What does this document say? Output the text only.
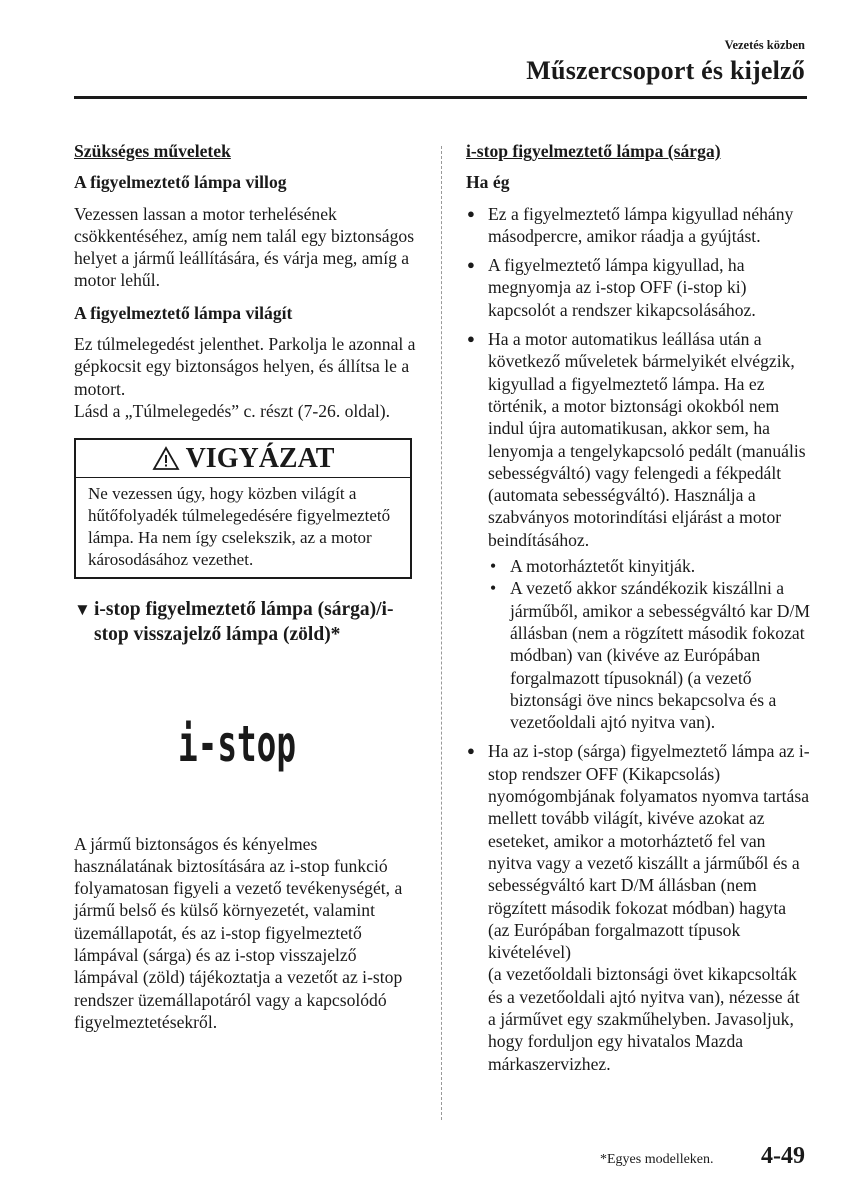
Vezetés közben
Műszercsoport és kijelző

Szükséges műveletek

A figyelmeztető lámpa villog

Vezessen lassan a motor terhelésének csökkentéséhez, amíg nem talál egy biztonságos helyet a jármű leállítására, és várja meg, amíg a motor lehűl.

A figyelmeztető lámpa világít

Ez túlmelegedést jelenthet. Parkolja le azonnal a gépkocsit egy biztonságos helyen, és állítsa le a motort.

Lásd a „Túlmelegedés” c. részt (7-26. oldal).

VIGYÁZAT
Ne vezessen úgy, hogy közben világít a hűtőfolyadék túlmelegedésére figyelmeztető lámpa. Ha nem így cselekszik, az a motor károsodásához vezethet.
▼ i-stop figyelmeztető lámpa (sárga)/i-stop visszajelző lámpa (zöld)*
i-stop

A jármű biztonságos és kényelmes használatának biztosítására az i-stop funkció folyamatosan figyeli a vezető tevékenységét, a jármű belső és külső környezetét, valamint üzemállapotát, és az i-stop figyelmeztető lámpával (sárga) és az i-stop visszajelző lámpával (zöld) tájékoztatja a vezetőt az i-stop rendszer üzemállapotáról vagy a kapcsolódó figyelmeztetésekről.

i-stop figyelmeztető lámpa (sárga)

Ha ég

● Ez a figyelmeztető lámpa kigyullad néhány másodpercre, amikor ráadja a gyújtást.
● A figyelmeztető lámpa kigyullad, ha megnyomja az i-stop OFF (i-stop ki) kapcsolót a rendszer kikapcsolásához.
● Ha a motor automatikus leállása után a következő műveletek bármelyikét elvégzik, kigyullad a figyelmeztető lámpa. Ha ez történik, a motor biztonsági okokból nem indul újra automatikusan, akkor sem, ha lenyomja a tengelykapcsoló pedált (manuális sebességváltó) vagy felengedi a fékpedált (automata sebességváltó). Használja a szabványos motorindítási eljárást a motor beindításához.
• A motorháztetőt kinyitják.
• A vezető akkor szándékozik kiszállni a járműből, amikor a sebességváltó kar D/M állásban (nem a rögzített második fokozat módban) van (kivéve az Európában forgalmazott típusoknál) (a vezető biztonsági öve nincs bekapcsolva és a vezetőoldali ajtó nyitva van).
● Ha az i-stop (sárga) figyelmeztető lámpa az i-stop rendszer OFF (Kikapcsolás) nyomógombjának folyamatos nyomva tartása mellett tovább világít, kivéve azokat az eseteket, amikor a motorháztető fel van nyitva vagy a vezető kiszállt a járműből és a sebességváltó kart D/M állásban (nem rögzített második fokozat módban) hagyta (az Európában forgalmazott típusok kivételével)
(a vezetőoldali biztonsági övet kikapcsolták és a vezetőoldali ajtó nyitva van), nézesse át a járművet egy szakműhelyben. Javasoljuk, hogy forduljon egy hivatalos Mazda márkaszervizhez.
*Egyes modelleken. 4-49
